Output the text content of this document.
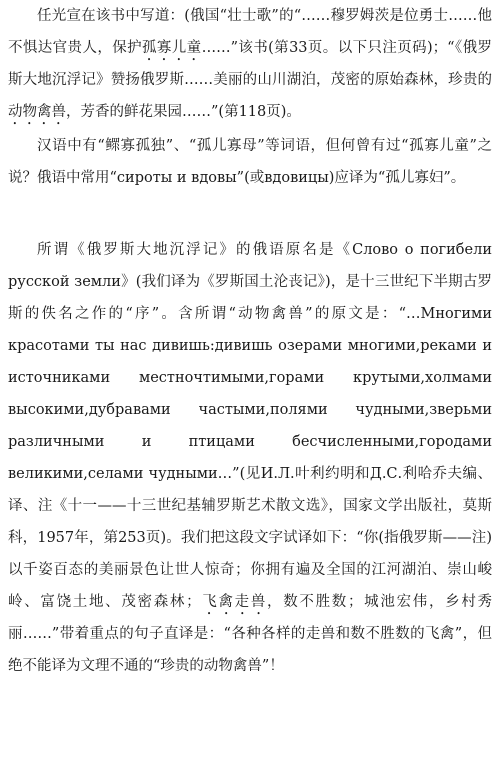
任光宣在该书中写道：(俄国“壮士歌”的“……穆罗姆茨是位勇士……他不惧达官贵人，保护孤寡儿童……”该书(第33页。以下只注页码)；“《俄罗斯大地沉浮记》赞扬俄罗斯……美丽的山川湖泊，茂密的原始森林，珍贵的动物禽兽，芳香的鲜花果园……”(第118页)。

汉语中有“鳏寡孤独”、“孤儿寡母”等词语，但何曾有过“孤寡儿童”之说？俄语中常用“сироты и вдовы”(或вдовицы)应译为“孤儿寡妇”。

所谓《俄罗斯大地沉浮记》的俄语原名是《Слово о погибели русской земли》(我们译为《罗斯国土沦丧记》)，是十三世纪下半期古罗斯的佚名之作的“序”。含所谓“动物禽兽”的原文是：“…Многими красотами ты нас дивишь:дивишь озерами многими,реками и источниками местночтимыми,горами крутыми,холмами высокими,дубравами частыми,полями чудными,зверьми различными и птицами бесчисленными,городами великими,селами чудными…”(见И.Л.叶利约明和Д.С.利哈乔夫编、译、注《十一——十三世纪基辅罗斯艺术散文选》，国家文学出版社，莫斯科，1957年，第253页)。我们把这段文字试译如下：“你(指俄罗斯——注)以千姿百态的美丽景色让世人惊奇；你拥有遍及全国的江河湖泊、崇山峻岭、富饶土地、茂密森林；飞禽走兽，数不胜数；城池宏伟，乡村秀丽……”带着重点的句子直译是：“各种各样的走兽和数不胜数的飞禽”，但绝不能译为文理不通的“珍贵的动物禽兽”！
